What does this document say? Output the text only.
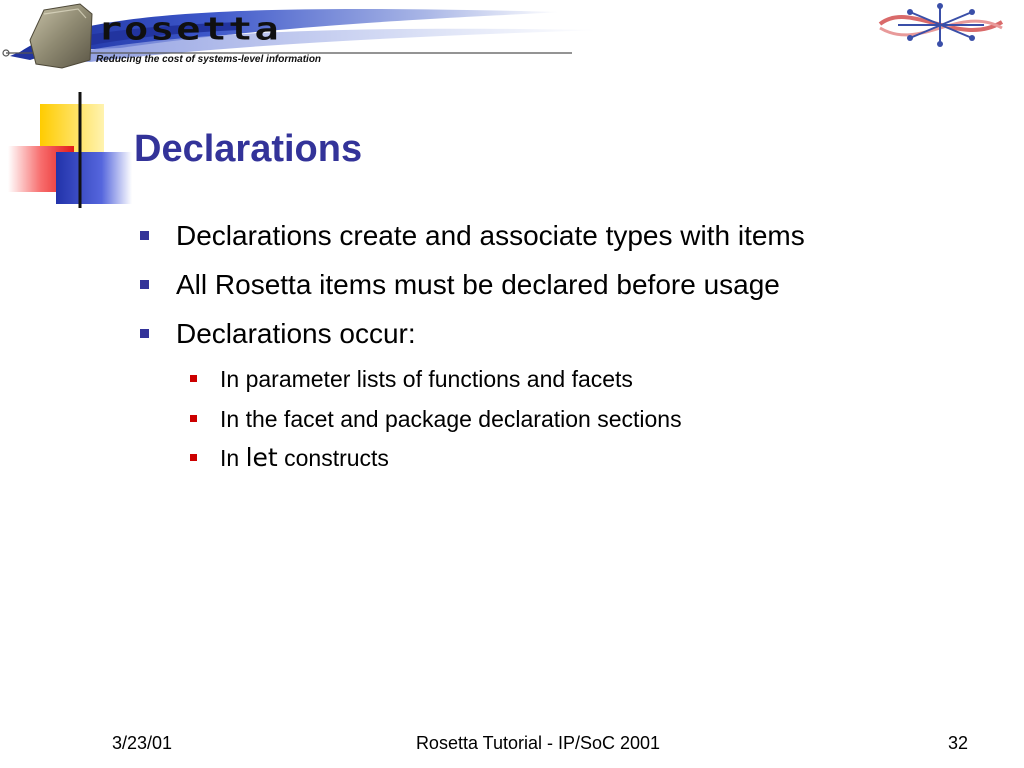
rosetta
Reducing the cost of systems-level information
Declarations
Declarations create and associate types with items
All Rosetta items must be declared before usage
Declarations occur:
In parameter lists of functions and facets
In the facet and package declaration sections
In let constructs
3/23/01	Rosetta Tutorial - IP/SoC 2001	32
